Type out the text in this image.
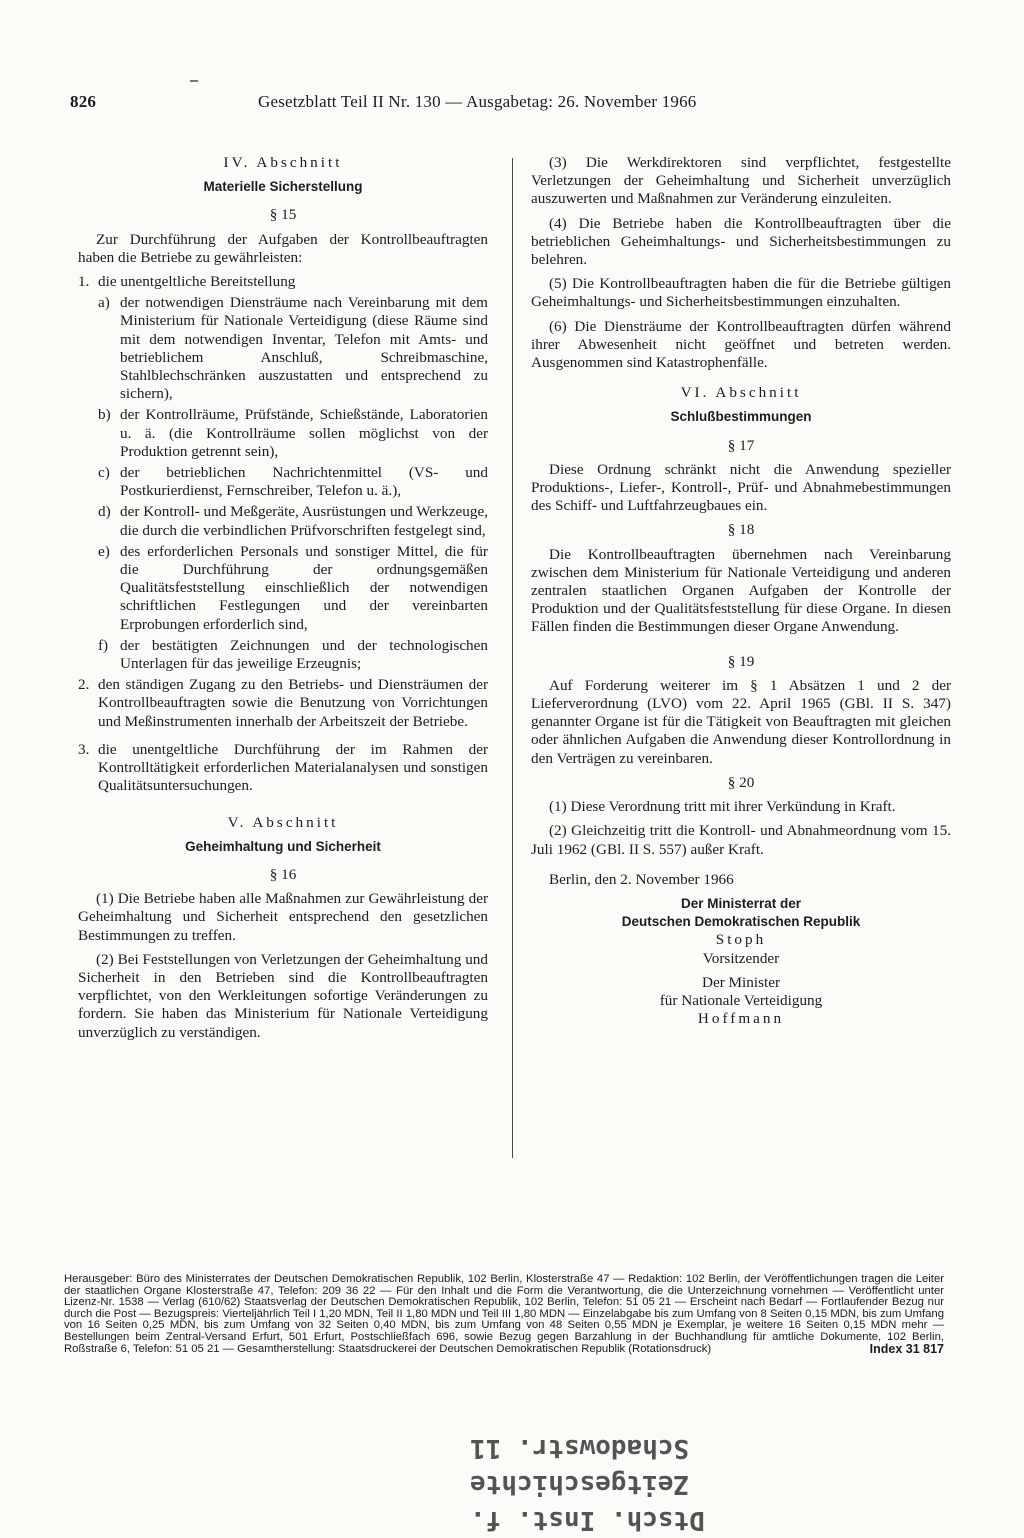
826	Gesetzblatt Teil II Nr. 130 — Ausgabetag: 26. November 1966
IV. Abschnitt
Materielle Sicherstellung
§ 15

Zur Durchführung der Aufgaben der Kontrollbeauftragten haben die Betriebe zu gewährleisten:

1. die unentgeltliche Bereitstellung
a) der notwendigen Diensträume nach Vereinbarung mit dem Ministerium für Nationale Verteidigung (diese Räume sind mit dem notwendigen Inventar, Telefon mit Amts- und betrieblichem Anschluß, Schreibmaschine, Stahlblechschränken auszustatten und entsprechend zu sichern),
b) der Kontrollräume, Prüfstände, Schießstände, Laboratorien u. ä. (die Kontrollräume sollen möglichst von der Produktion getrennt sein),
c) der betrieblichen Nachrichtenmittel (VS- und Postkurierdienst, Fernschreiber, Telefon u. ä.),
d) der Kontroll- und Meßgeräte, Ausrüstungen und Werkzeuge, die durch die verbindlichen Prüfvorschriften festgelegt sind,
e) des erforderlichen Personals und sonstiger Mittel, die für die Durchführung der ordnungsgemäßen Qualitätsfeststellung einschließlich der notwendigen schriftlichen Festlegungen und der vereinbarten Erprobungen erforderlich sind,
f) der bestätigten Zeichnungen und der technologischen Unterlagen für das jeweilige Erzeugnis;
2. den ständigen Zugang zu den Betriebs- und Diensträumen der Kontrollbeauftragten sowie die Benutzung von Vorrichtungen und Meßinstrumenten innerhalb der Arbeitszeit der Betriebe.
3. die unentgeltliche Durchführung der im Rahmen der Kontrolltätigkeit erforderlichen Materialanalysen und sonstigen Qualitätsuntersuchungen.
V. Abschnitt
Geheimhaltung und Sicherheit
§ 16

(1) Die Betriebe haben alle Maßnahmen zur Gewährleistung der Geheimhaltung und Sicherheit entsprechend den gesetzlichen Bestimmungen zu treffen.

(2) Bei Feststellungen von Verletzungen der Geheimhaltung und Sicherheit in den Betrieben sind die Kontrollbeauftragten verpflichtet, von den Werkleitungen sofortige Veränderungen zu fordern. Sie haben das Ministerium für Nationale Verteidigung unverzüglich zu verständigen.

(3) Die Werkdirektoren sind verpflichtet, festgestellte Verletzungen der Geheimhaltung und Sicherheit unverzüglich auszuwerten und Maßnahmen zur Veränderung einzuleiten.

(4) Die Betriebe haben die Kontrollbeauftragten über die betrieblichen Geheimhaltungs- und Sicherheitsbestimmungen zu belehren.

(5) Die Kontrollbeauftragten haben die für die Betriebe gültigen Geheimhaltungs- und Sicherheitsbestimmungen einzuhalten.

(6) Die Diensträume der Kontrollbeauftragten dürfen während ihrer Abwesenheit nicht geöffnet und betreten werden. Ausgenommen sind Katastrophenfälle.

VI. Abschnitt
Schlußbestimmungen
§ 17

Diese Ordnung schränkt nicht die Anwendung spezieller Produktions-, Liefer-, Kontroll-, Prüf- und Abnahmebestimmungen des Schiff- und Luftfahrzeugbaues ein.

§ 18

Die Kontrollbeauftragten übernehmen nach Vereinbarung zwischen dem Ministerium für Nationale Verteidigung und anderen zentralen staatlichen Organen Aufgaben der Kontrolle der Produktion und der Qualitätsfeststellung für diese Organe. In diesen Fällen finden die Bestimmungen dieser Organe Anwendung.

§ 19

Auf Forderung weiterer im § 1 Absätzen 1 und 2 der Lieferverordnung (LVO) vom 22. April 1965 (GBl. II S. 347) genannter Organe ist für die Tätigkeit von Beauftragten mit gleichen oder ähnlichen Aufgaben die Anwendung dieser Kontrollordnung in den Verträgen zu vereinbaren.

§ 20

(1) Diese Verordnung tritt mit ihrer Verkündung in Kraft.

(2) Gleichzeitig tritt die Kontroll- und Abnahmeordnung vom 15. Juli 1962 (GBl. II S. 557) außer Kraft.

Berlin, den 2. November 1966

Der Ministerrat der
Deutschen Demokratischen Republik
Stoph
Vorsitzender
Der Minister
für Nationale Verteidigung
Hoffmann
Herausgeber: Büro des Ministerrates der Deutschen Demokratischen Republik, 102 Berlin, Klosterstraße 47 — Redaktion: 102 Berlin, der Veröffentlichungen tragen die Leiter der staatlichen Organe Klosterstraße 47, Telefon: 209 36 22 — Für den Inhalt und die Form die Verantwortung, die die Unterzeichnung vornehmen — Veröffentlicht unter Lizenz-Nr. 1538 — Verlag (610/62) Staatsverlag der Deutschen Demokratischen Republik, 102 Berlin, Telefon: 51 05 21 — Erscheint nach Bedarf — Fortlaufender Bezug nur durch die Post — Bezugspreis: Vierteljährlich Teil I 1,20 MDN, Teil II 1,80 MDN und Teil III 1,80 MDN — Einzelabgabe bis zum Umfang von 8 Seiten 0,15 MDN, bis zum Umfang von 16 Seiten 0,25 MDN, bis zum Umfang von 32 Seiten 0,40 MDN, bis zum Umfang von 48 Seiten 0,55 MDN je Exemplar, je weitere 16 Seiten 0,15 MDN mehr — Bestellungen beim Zentral-Versand Erfurt, 501 Erfurt, Postschließfach 696, sowie Bezug gegen Barzahlung in der Buchhandlung für amtliche Dokumente, 102 Berlin, Roßstraße 6, Telefon: 51 05 21 — Gesamtherstellung: Staatsdruckerei der Deutschen Demokratischen Republik (Rotationsdruck)	Index 31 817
Dtsch. Inst. f. Zeitgeschichte
Schadowstr. 11
